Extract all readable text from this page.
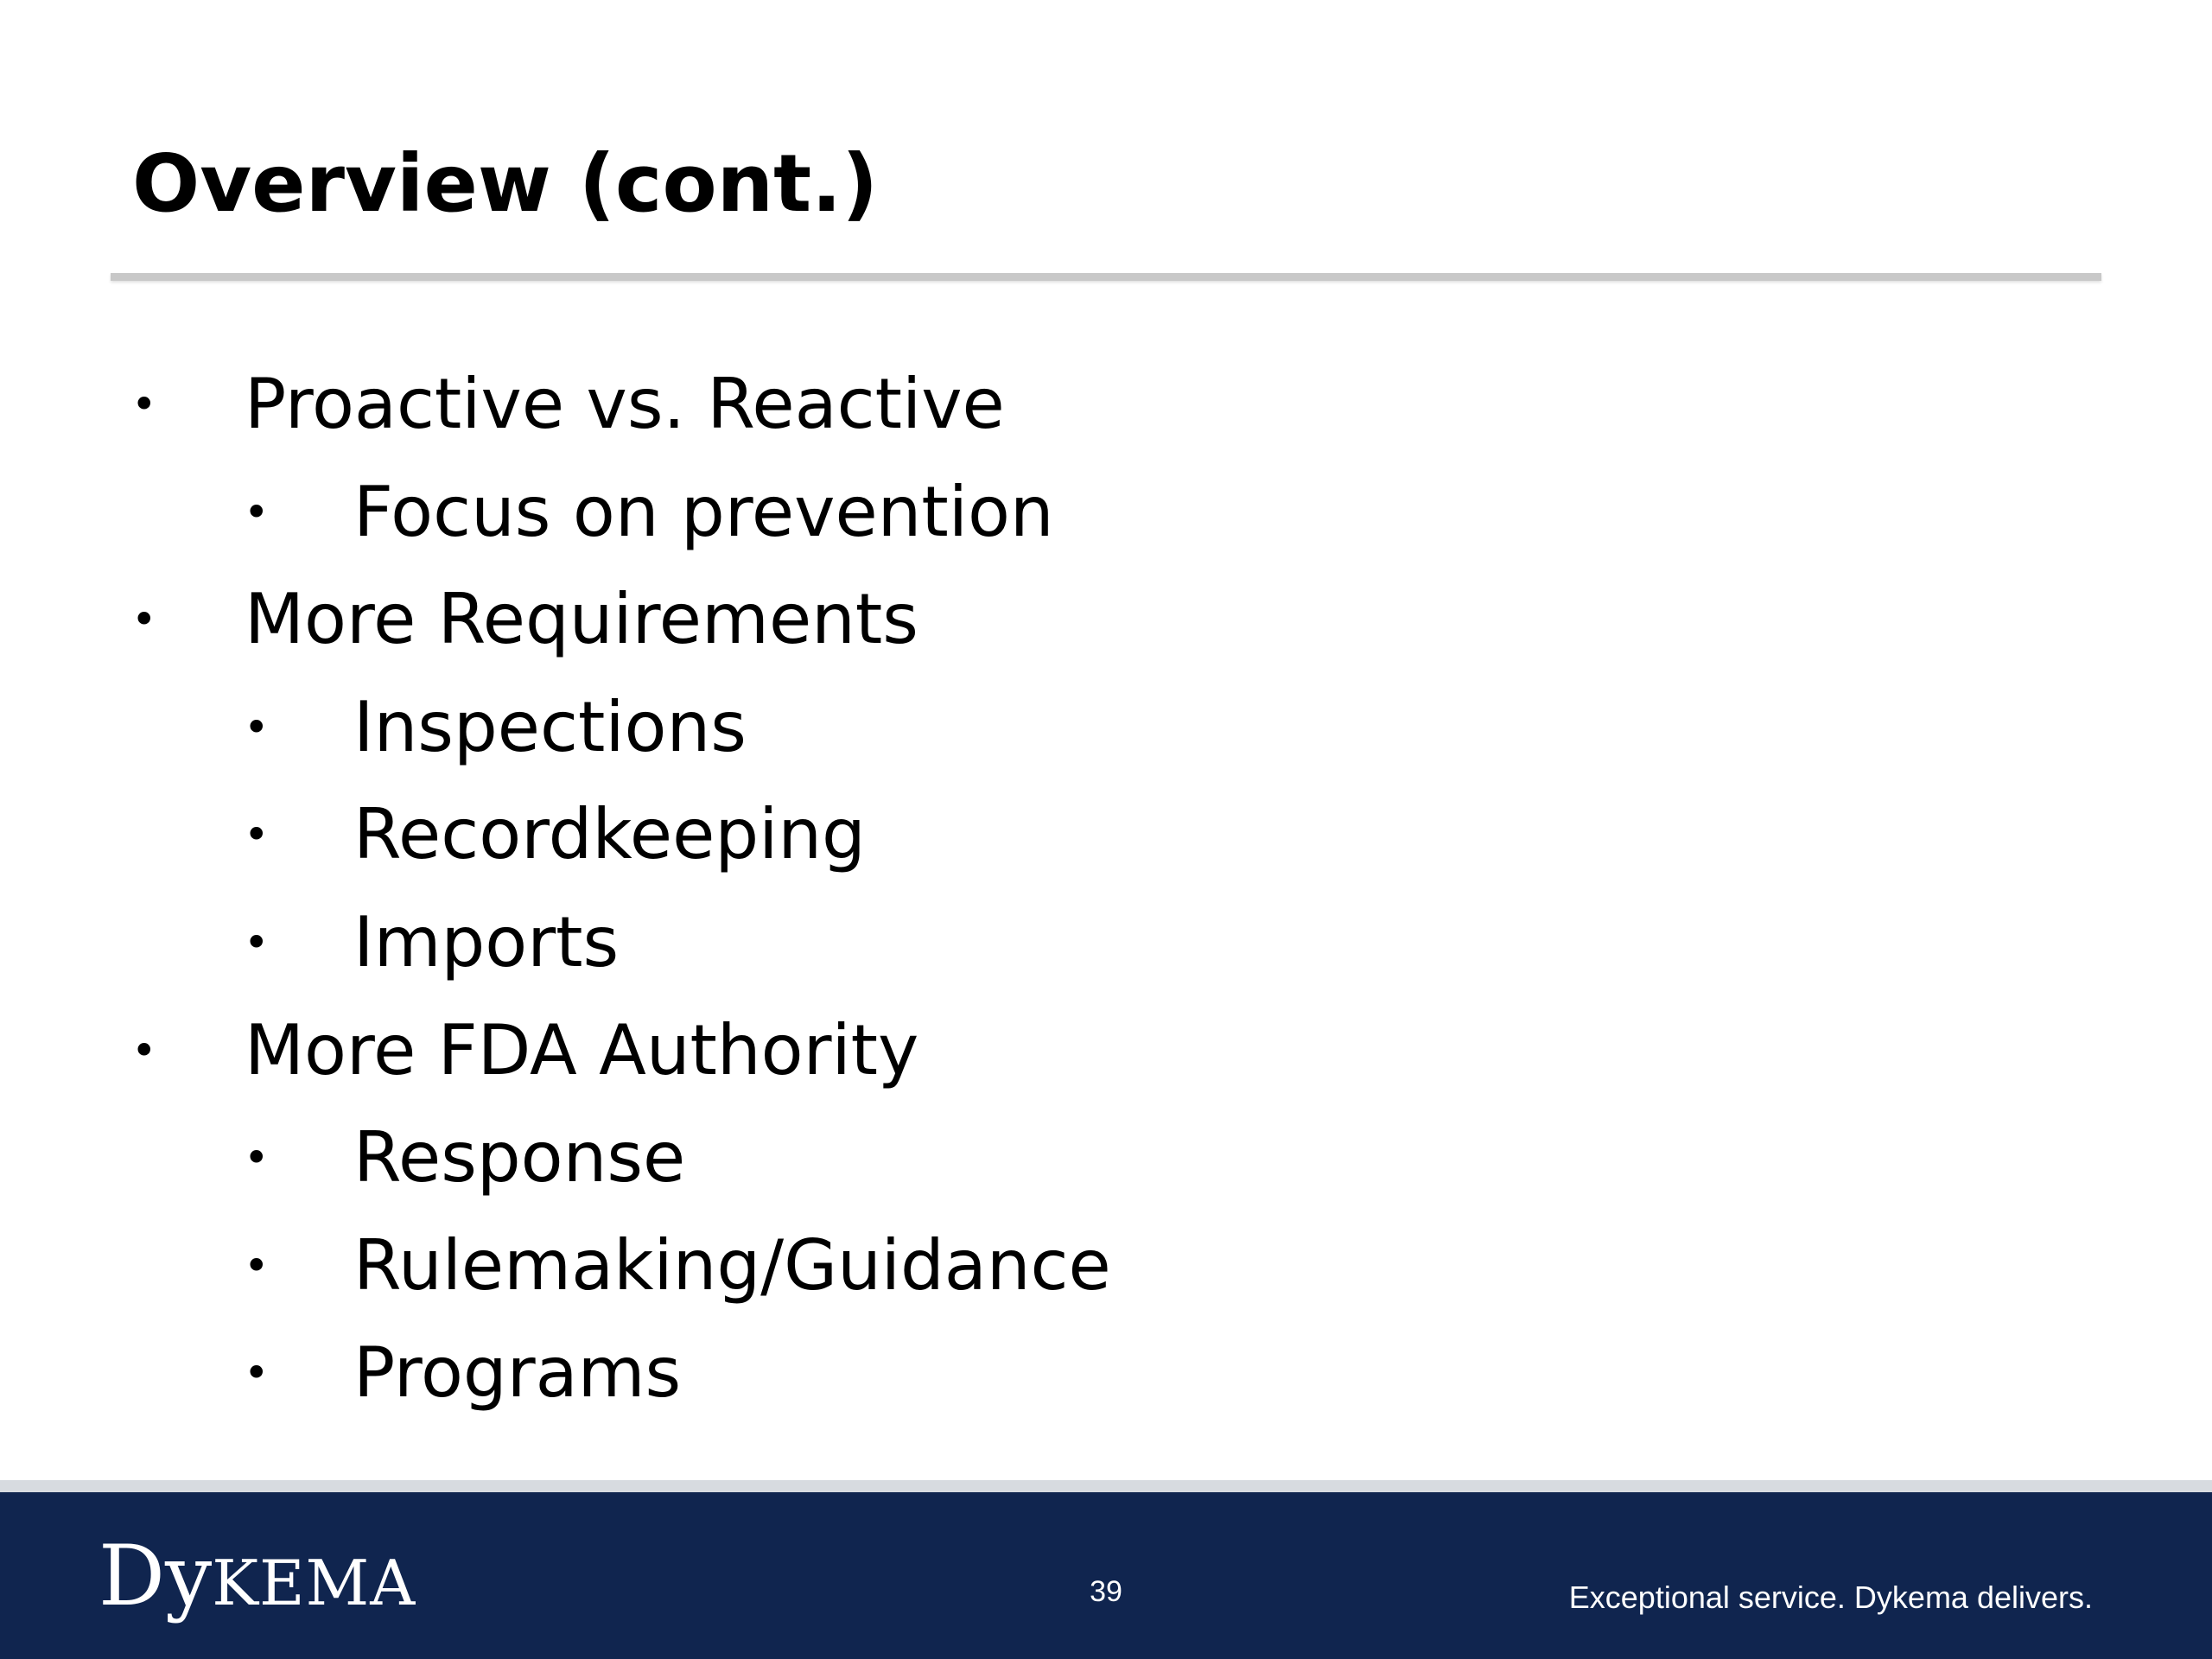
Overview (cont.)
• Proactive vs. Reactive
• Focus on prevention
• More Requirements
• Inspections
• Recordkeeping
• Imports
• More FDA Authority
• Response
• Rulemaking/Guidance
• Programs
DyKEMA	39	Exceptional service. Dykema delivers.
